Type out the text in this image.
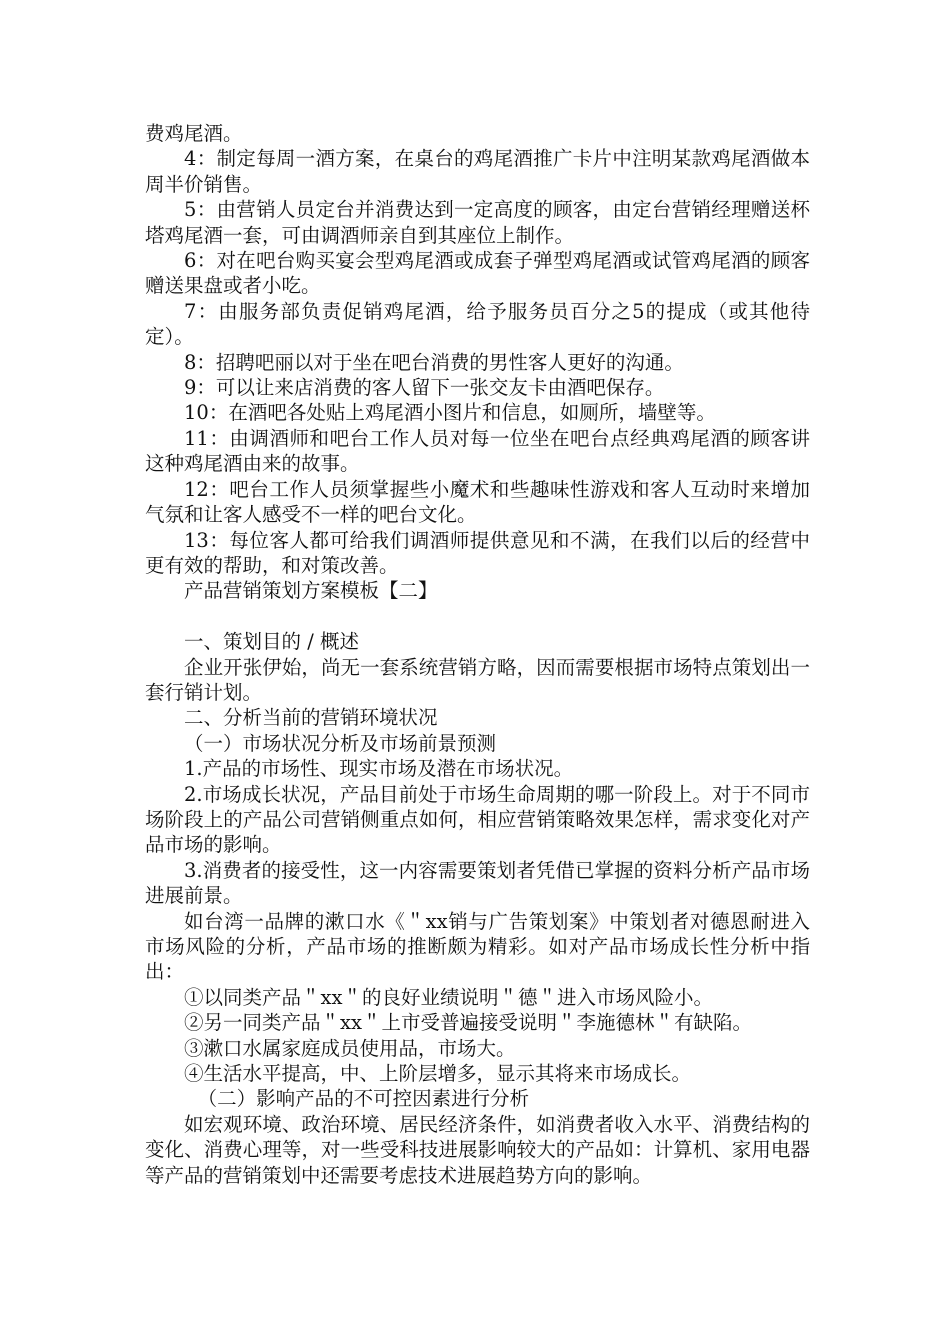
费鸡尾酒。

4：制定每周一酒方案，在桌台的鸡尾酒推广卡片中注明某款鸡尾酒做本周半价销售。

5：由营销人员定台并消费达到一定高度的顾客，由定台营销经理赠送杯塔鸡尾酒一套，可由调酒师亲自到其座位上制作。

6：对在吧台购买宴会型鸡尾酒或成套子弹型鸡尾酒或试管鸡尾酒的顾客赠送果盘或者小吃。

7：由服务部负责促销鸡尾酒，给予服务员百分之5的提成（或其他待定）。

8：招聘吧丽以对于坐在吧台消费的男性客人更好的沟通。

9：可以让来店消费的客人留下一张交友卡由酒吧保存。

10：在酒吧各处贴上鸡尾酒小图片和信息，如厕所，墙壁等。

11：由调酒师和吧台工作人员对每一位坐在吧台点经典鸡尾酒的顾客讲这种鸡尾酒由来的故事。

12：吧台工作人员须掌握些小魔术和些趣味性游戏和客人互动时来增加气氛和让客人感受不一样的吧台文化。

13：每位客人都可给我们调酒师提供意见和不满，在我们以后的经营中更有效的帮助，和对策改善。

产品营销策划方案模板【二】

一、策划目的 / 概述

企业开张伊始，尚无一套系统营销方略，因而需要根据市场特点策划出一套行销计划。

二、分析当前的营销环境状况

（一）市场状况分析及市场前景预测

1.产品的市场性、现实市场及潜在市场状况。

2.市场成长状况，产品目前处于市场生命周期的哪一阶段上。对于不同市场阶段上的产品公司营销侧重点如何，相应营销策略效果怎样，需求变化对产品市场的影响。

3.消费者的接受性，这一内容需要策划者凭借已掌握的资料分析产品市场进展前景。

如台湾一品牌的漱口水《＂xx销与广告策划案》中策划者对德恩耐进入市场风险的分析，产品市场的推断颇为精彩。如对产品市场成长性分析中指出：

①以同类产品＂xx＂的良好业绩说明＂德＂进入市场风险小。

②另一同类产品＂xx＂上市受普遍接受说明＂李施德林＂有缺陷。

③漱口水属家庭成员使用品，市场大。

④生活水平提高，中、上阶层增多，显示其将来市场成长。

（二）影响产品的不可控因素进行分析

如宏观环境、政治环境、居民经济条件，如消费者收入水平、消费结构的变化、消费心理等，对一些受科技进展影响较大的产品如：计算机、家用电器等产品的营销策划中还需要考虑技术进展趋势方向的影响。
